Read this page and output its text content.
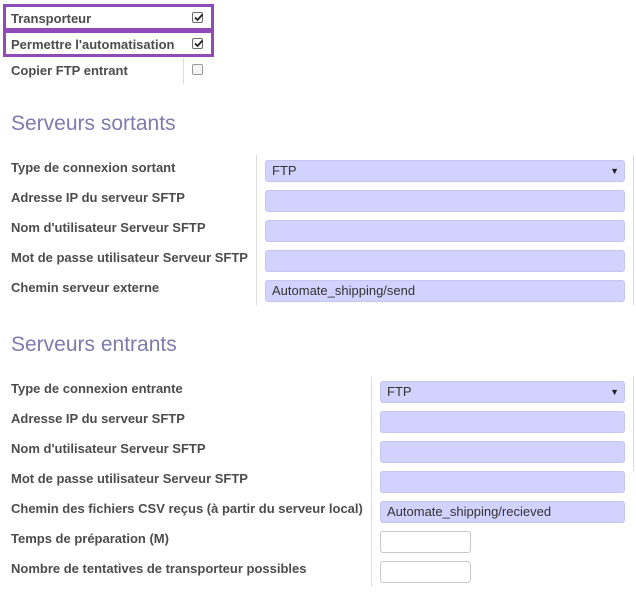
Transporteur
Permettre l'automatisation
Copier FTP entrant
Serveurs sortants
Type de connexion sortant	FTP	▼
Adresse IP du serveur SFTP
Nom d'utilisateur Serveur SFTP
Mot de passe utilisateur Serveur SFTP
Chemin serveur externe	Automate_shipping/send
Serveurs entrants
Type de connexion entrante	FTP	▼
Adresse IP du serveur SFTP
Nom d'utilisateur Serveur SFTP
Mot de passe utilisateur Serveur SFTP
Chemin des fichiers CSV reçus (à partir du serveur local)	Automate_shipping/recieved
Temps de préparation (M)
Nombre de tentatives de transporteur possibles
